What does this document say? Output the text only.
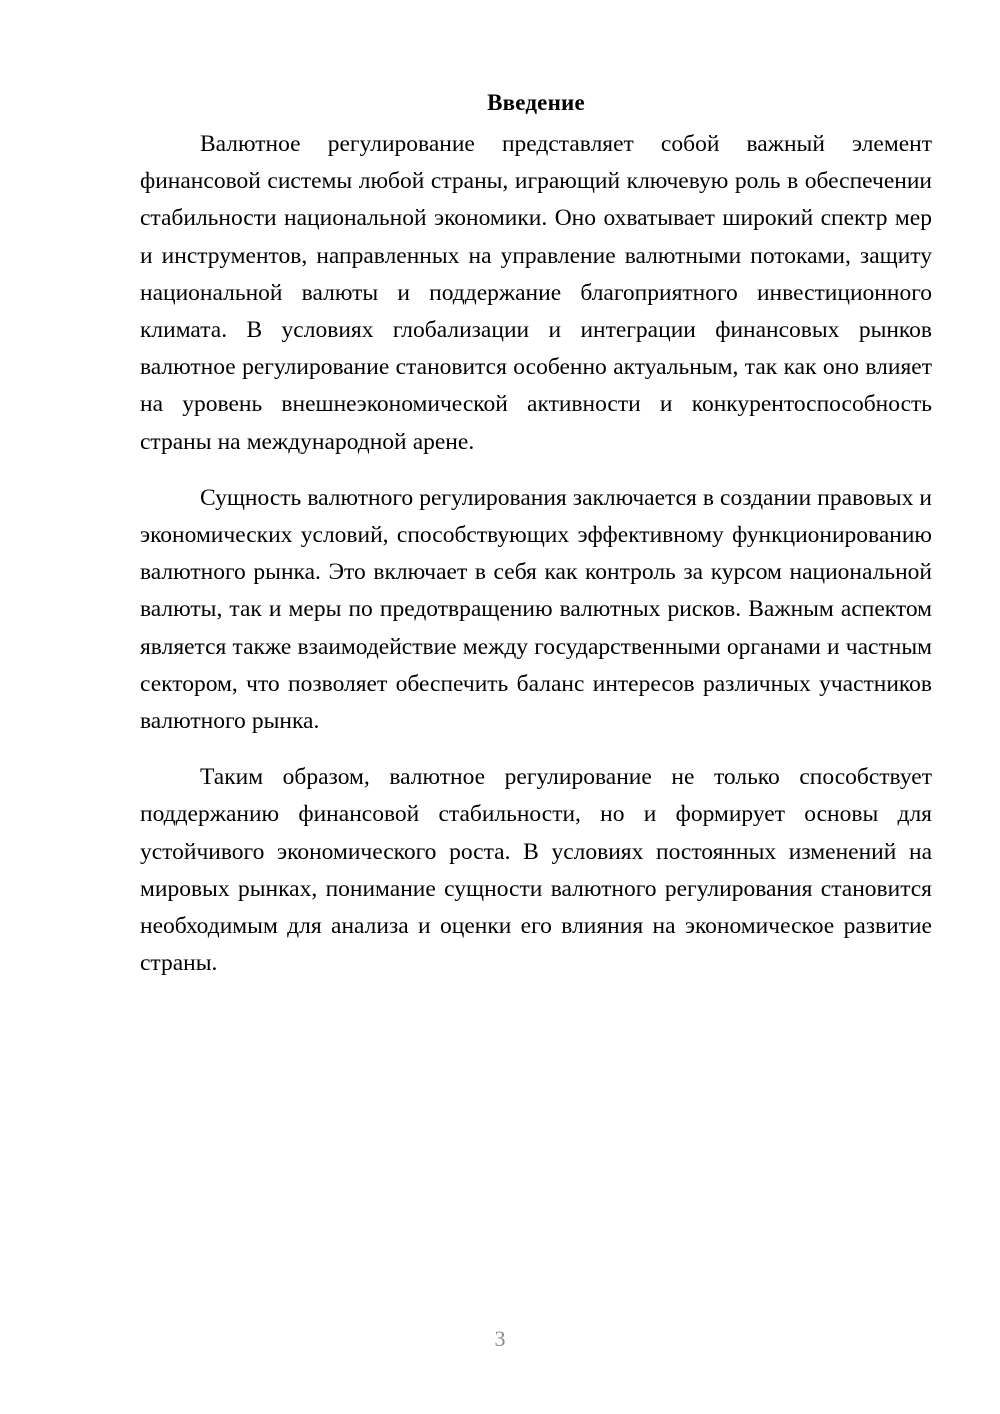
Введение

Валютное регулирование представляет собой важный элемент финансовой системы любой страны, играющий ключевую роль в обеспечении стабильности национальной экономики. Оно охватывает широкий спектр мер и инструментов, направленных на управление валютными потоками, защиту национальной валюты и поддержание благоприятного инвестиционного климата. В условиях глобализации и интеграции финансовых рынков валютное регулирование становится особенно актуальным, так как оно влияет на уровень внешнеэкономической активности и конкурентоспособность страны на международной арене.

Сущность валютного регулирования заключается в создании правовых и экономических условий, способствующих эффективному функционированию валютного рынка. Это включает в себя как контроль за курсом национальной валюты, так и меры по предотвращению валютных рисков. Важным аспектом является также взаимодействие между государственными органами и частным сектором, что позволяет обеспечить баланс интересов различных участников валютного рынка.

Таким образом, валютное регулирование не только способствует поддержанию финансовой стабильности, но и формирует основы для устойчивого экономического роста. В условиях постоянных изменений на мировых рынках, понимание сущности валютного регулирования становится необходимым для анализа и оценки его влияния на экономическое развитие страны.

3
